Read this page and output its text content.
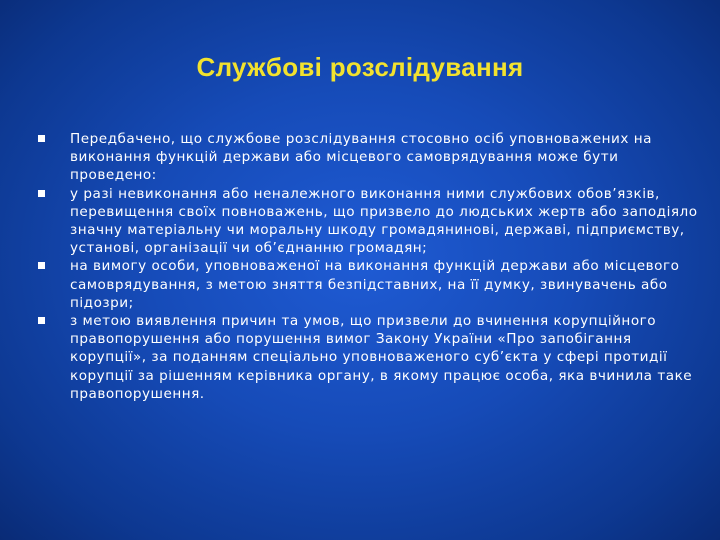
Службові розслідування
Передбачено, що службове розслідування стосовно осіб уповноважених на виконання функцій держави або місцевого самоврядування може бути проведено:
у разі невиконання або неналежного виконання ними службових обов’язків, перевищення своїх повноважень, що призвело до людських жертв або заподіяло значну матеріальну чи моральну шкоду громадянинові, державі, підприємству, установі, організації чи об’єднанню громадян;
на вимогу особи, уповноваженої на виконання функцій держави або місцевого самоврядування, з метою зняття безпідставних, на її думку, звинувачень або підозри;
з метою виявлення причин та умов, що призвели до вчинення корупційного правопорушення або порушення вимог Закону України «Про запобігання корупції», за поданням спеціально уповноваженого суб’єкта у сфері протидії корупції за рішенням керівника органу, в якому працює особа, яка вчинила таке правопорушення.
